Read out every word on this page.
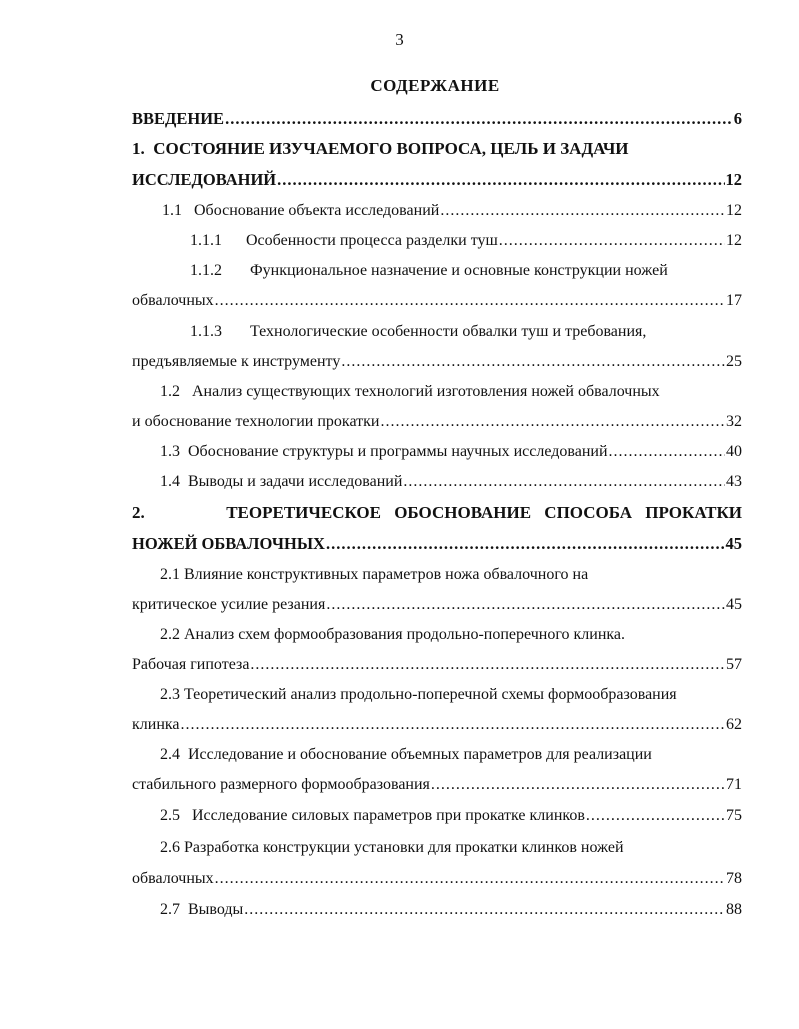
3
СОДЕРЖАНИЕ
ВВЕДЕНИЕ .....	6
1. СОСТОЯНИЕ ИЗУЧАЕМОГО ВОПРОСА, ЦЕЛЬ И ЗАДАЧИ
ИССЛЕДОВАНИЙ .....	12
1.1
Обоснование объекта исследований .....	12
1.1.1
Особенности процесса разделки туш .....	12
1.1.2 Функциональное назначение и основные конструкции ножей
обвалочных .....	17
1.1.3 Технологические особенности обвалки туш и требования,
предъявляемые к инструменту .....	25
1.2 Анализ существующих технологий изготовления ножей обвалочных
и обоснование технологии прокатки .....	32
1.3
Обоснование структуры и программы научных исследований .....	40
1.4
Выводы и задачи исследований .....	43
2.
	ТЕОРЕТИЧЕСКОЕ ОБОСНОВАНИЕ СПОСОБА ПРОКАТКИ
НОЖЕЙ ОБВАЛОЧНЫХ .....	45
2.1 Влияние конструктивных параметров ножа обвалочного на
критическое усилие резания .....	45
2.2 Анализ схем формообразования продольно-поперечного клинка.
Рабочая гипотеза .....	57
2.3 Теоретический анализ продольно-поперечной схемы формообразования
клинка .....	62
2.4 Исследование и обоснование объемных параметров для реализации
стабильного размерного формообразования .....	71
2.5
Исследование силовых параметров при прокатке клинков .....	75
2.6 Разработка конструкции установки для прокатки клинков ножей
обвалочных .....	78
2.7
Выводы .....	88
